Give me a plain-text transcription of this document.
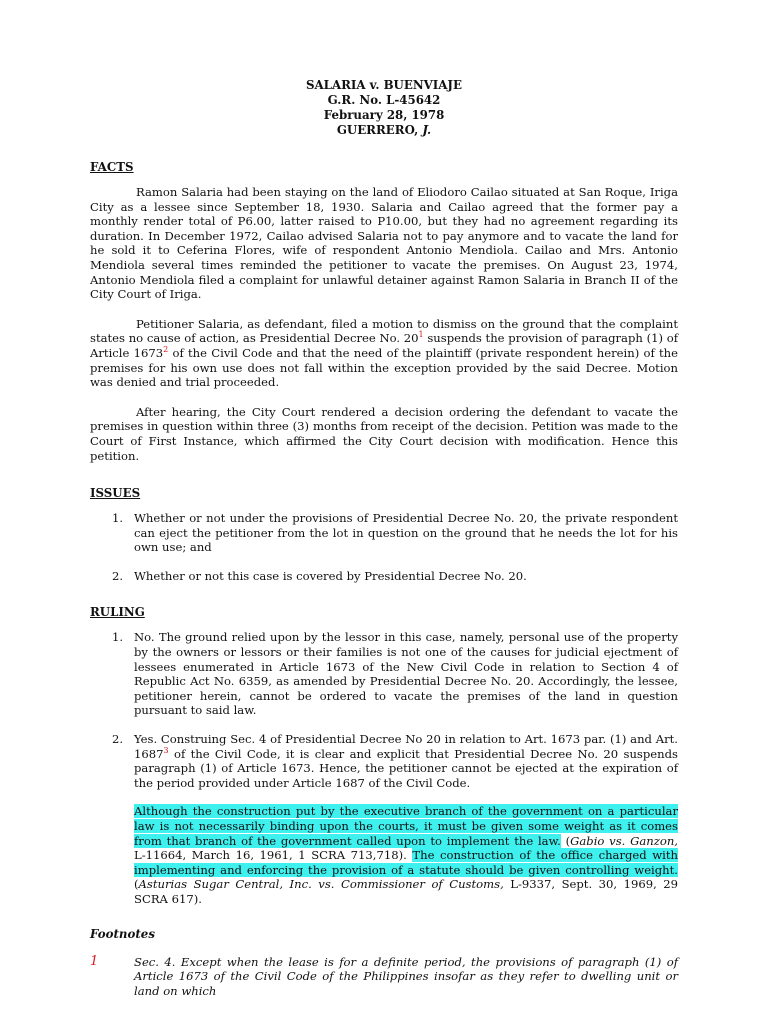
SALARIA v. BUENVIAJE
G.R. No. L-45642
February 28, 1978
GUERRERO, J.
FACTS

Ramon Salaria had been staying on the land of Eliodoro Cailao situated at San Roque, Iriga City as a lessee since September 18, 1930. Salaria and Cailao agreed that the former pay a monthly render total of P6.00, latter raised to P10.00, but they had no agreement regarding its duration. In December 1972, Cailao advised Salaria not to pay anymore and to vacate the land for he sold it to Ceferina Flores, wife of respondent Antonio Mendiola. Cailao and Mrs. Antonio Mendiola several times reminded the petitioner to vacate the premises. On August 23, 1974, Antonio Mendiola filed a complaint for unlawful detainer against Ramon Salaria in Branch II of the City Court of Iriga.

Petitioner Salaria, as defendant, filed a motion to dismiss on the ground that the complaint states no cause of action, as Presidential Decree No. $20^1$ suspends the provision of paragraph (1) of Article 1673$^2$ of the Civil Code and that the need of the plaintiff (private respondent herein) of the premises for his own use does not fall within the exception provided by the said Decree. Motion was denied and trial proceeded.

After hearing, the City Court rendered a decision ordering the defendant to vacate the premises in question within three (3) months from receipt of the decision. Petition was made to the Court of First Instance, which affirmed the City Court decision with modification. Hence this petition.

ISSUES
1. Whether or not under the provisions of Presidential Decree No. 20, the private respondent can eject the petitioner from the lot in question on the ground that he needs the lot for his own use; and
2. Whether or not this case is covered by Presidential Decree No. 20.
RULING
1. No. The ground relied upon by the lessor in this case, namely, personal use of the property by the owners or lessors or their families is not one of the causes for judicial ejectment of lessees enumerated in Article 1673 of the New Civil Code in relation to Section 4 of Republic Act No. 6359, as amended by Presidential Decree No. 20. Accordingly, the lessee, petitioner herein, cannot be ordered to vacate the premises of the land in question pursuant to said law.
2. Yes. Construing Sec. 4 of Presidential Decree No 20 in relation to Art. 1673 par. (1) and Art. 1687$^3$ of the Civil Code, it is clear and explicit that Presidential Decree No. 20 suspends paragraph (1) of Article 1673. Hence, the petitioner cannot be ejected at the expiration of the period provided under Article 1687 of the Civil Code.

Although the construction put by the executive branch of the government on a particular law is not necessarily binding upon the courts, it must be given some weight as it comes from that branch of the government called upon to implement the law. (Gabio vs. Ganzon, L-11664, March 16, 1961, 1 SCRA 713,718). The construction of the office charged with implementing and enforcing the provision of a statute should be given controlling weight. (Asturias Sugar Central, Inc. vs. Commissioner of Customs, L-9337, Sept. 30, 1969, 29 SCRA 617).

Footnotes
1	Sec. 4. Except when the lease is for a definite period, the provisions of paragraph (1) of Article 1673 of the Civil Code of the Philippines insofar as they refer to dwelling unit or land on which
